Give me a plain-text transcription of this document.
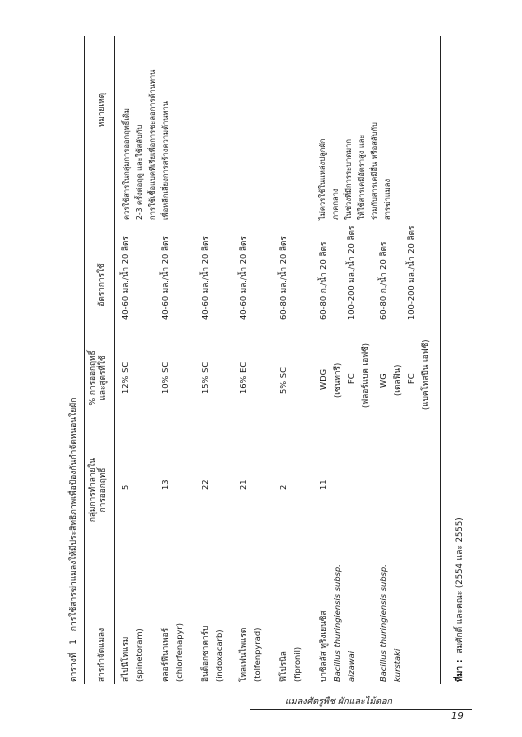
ตารางที่1การใช้สารฆ่าแมลงให้มีประสิทธิภาพเพื่อป้องกันกำจัดหนอนใยผัก
สารกำจัดแมลง
กลุ่มการทำลายใน การออกฤทธิ์
% การออกฤทธิ์ และสูตรที่ใช้
อัตราการใช้
หมายเหตุ
สไปนีโทแรม (spinetoram)
5
12% SC
40-60 มล./น้ำ 20 ลิตร
คลอร์ฟีนาเพอร์ (chlorfenapyr)
13
10% SC
40-60 มล./น้ำ 20 ลิตร
อินด็อกซาคาร์บ (indoxacarb)
22
15% SC
40-60 มล./น้ำ 20 ลิตร
โทลเฟนไพแรด (tolfenpyrad)
21
16% EC
40-60 มล./น้ำ 20 ลิตร
ฟิโปรนิล (fipronil)
2
5% SC
60-80 มล./น้ำ 20 ลิตร
บาซิลลัส ทูริงเยนซิส
11
Bacillus thuringiensis subsp. aizawai
WDG (เซนทารี) FC (ฟลอร์แบค เอฟซี)
60-80 ก./น้ำ 20 ลิตร 100-200 มล./น้ำ 20 ลิตร
Bacillus thuringiensis subsp. kurstaki
WG (เดลฟิน) FC (แบคโทสปีน เอฟซี)
60-80 ก./น้ำ 20 ลิตร 100-200 มล./น้ำ 20 ลิตร
ควรใช้สารในกลุ่มการออกฤทธิ์เดิม 2-3 ครั้งต่อฤดู และใช้สลับกับ การใช้เชื้อแบคทีเรียเพื่อการชะลอการต้านทาน เพื่อหลีกเลี่ยงการสร้างความต้านทาน	ไม่ควรใช้ในแหล่งปลูกผัก ภาคกลาง ในช่วงที่มีการระบาดมาก ให้ใช้สารเคมีอัตราสูง และ ร่วมกับสารเคมีอื่น หรือสลับกับ สารฆ่าแมลง
ที่มา :สมศักดิ์ และคณะ (2554 และ 2555)
แมลงศัตรูพืช ผักและไม้ดอก
19
